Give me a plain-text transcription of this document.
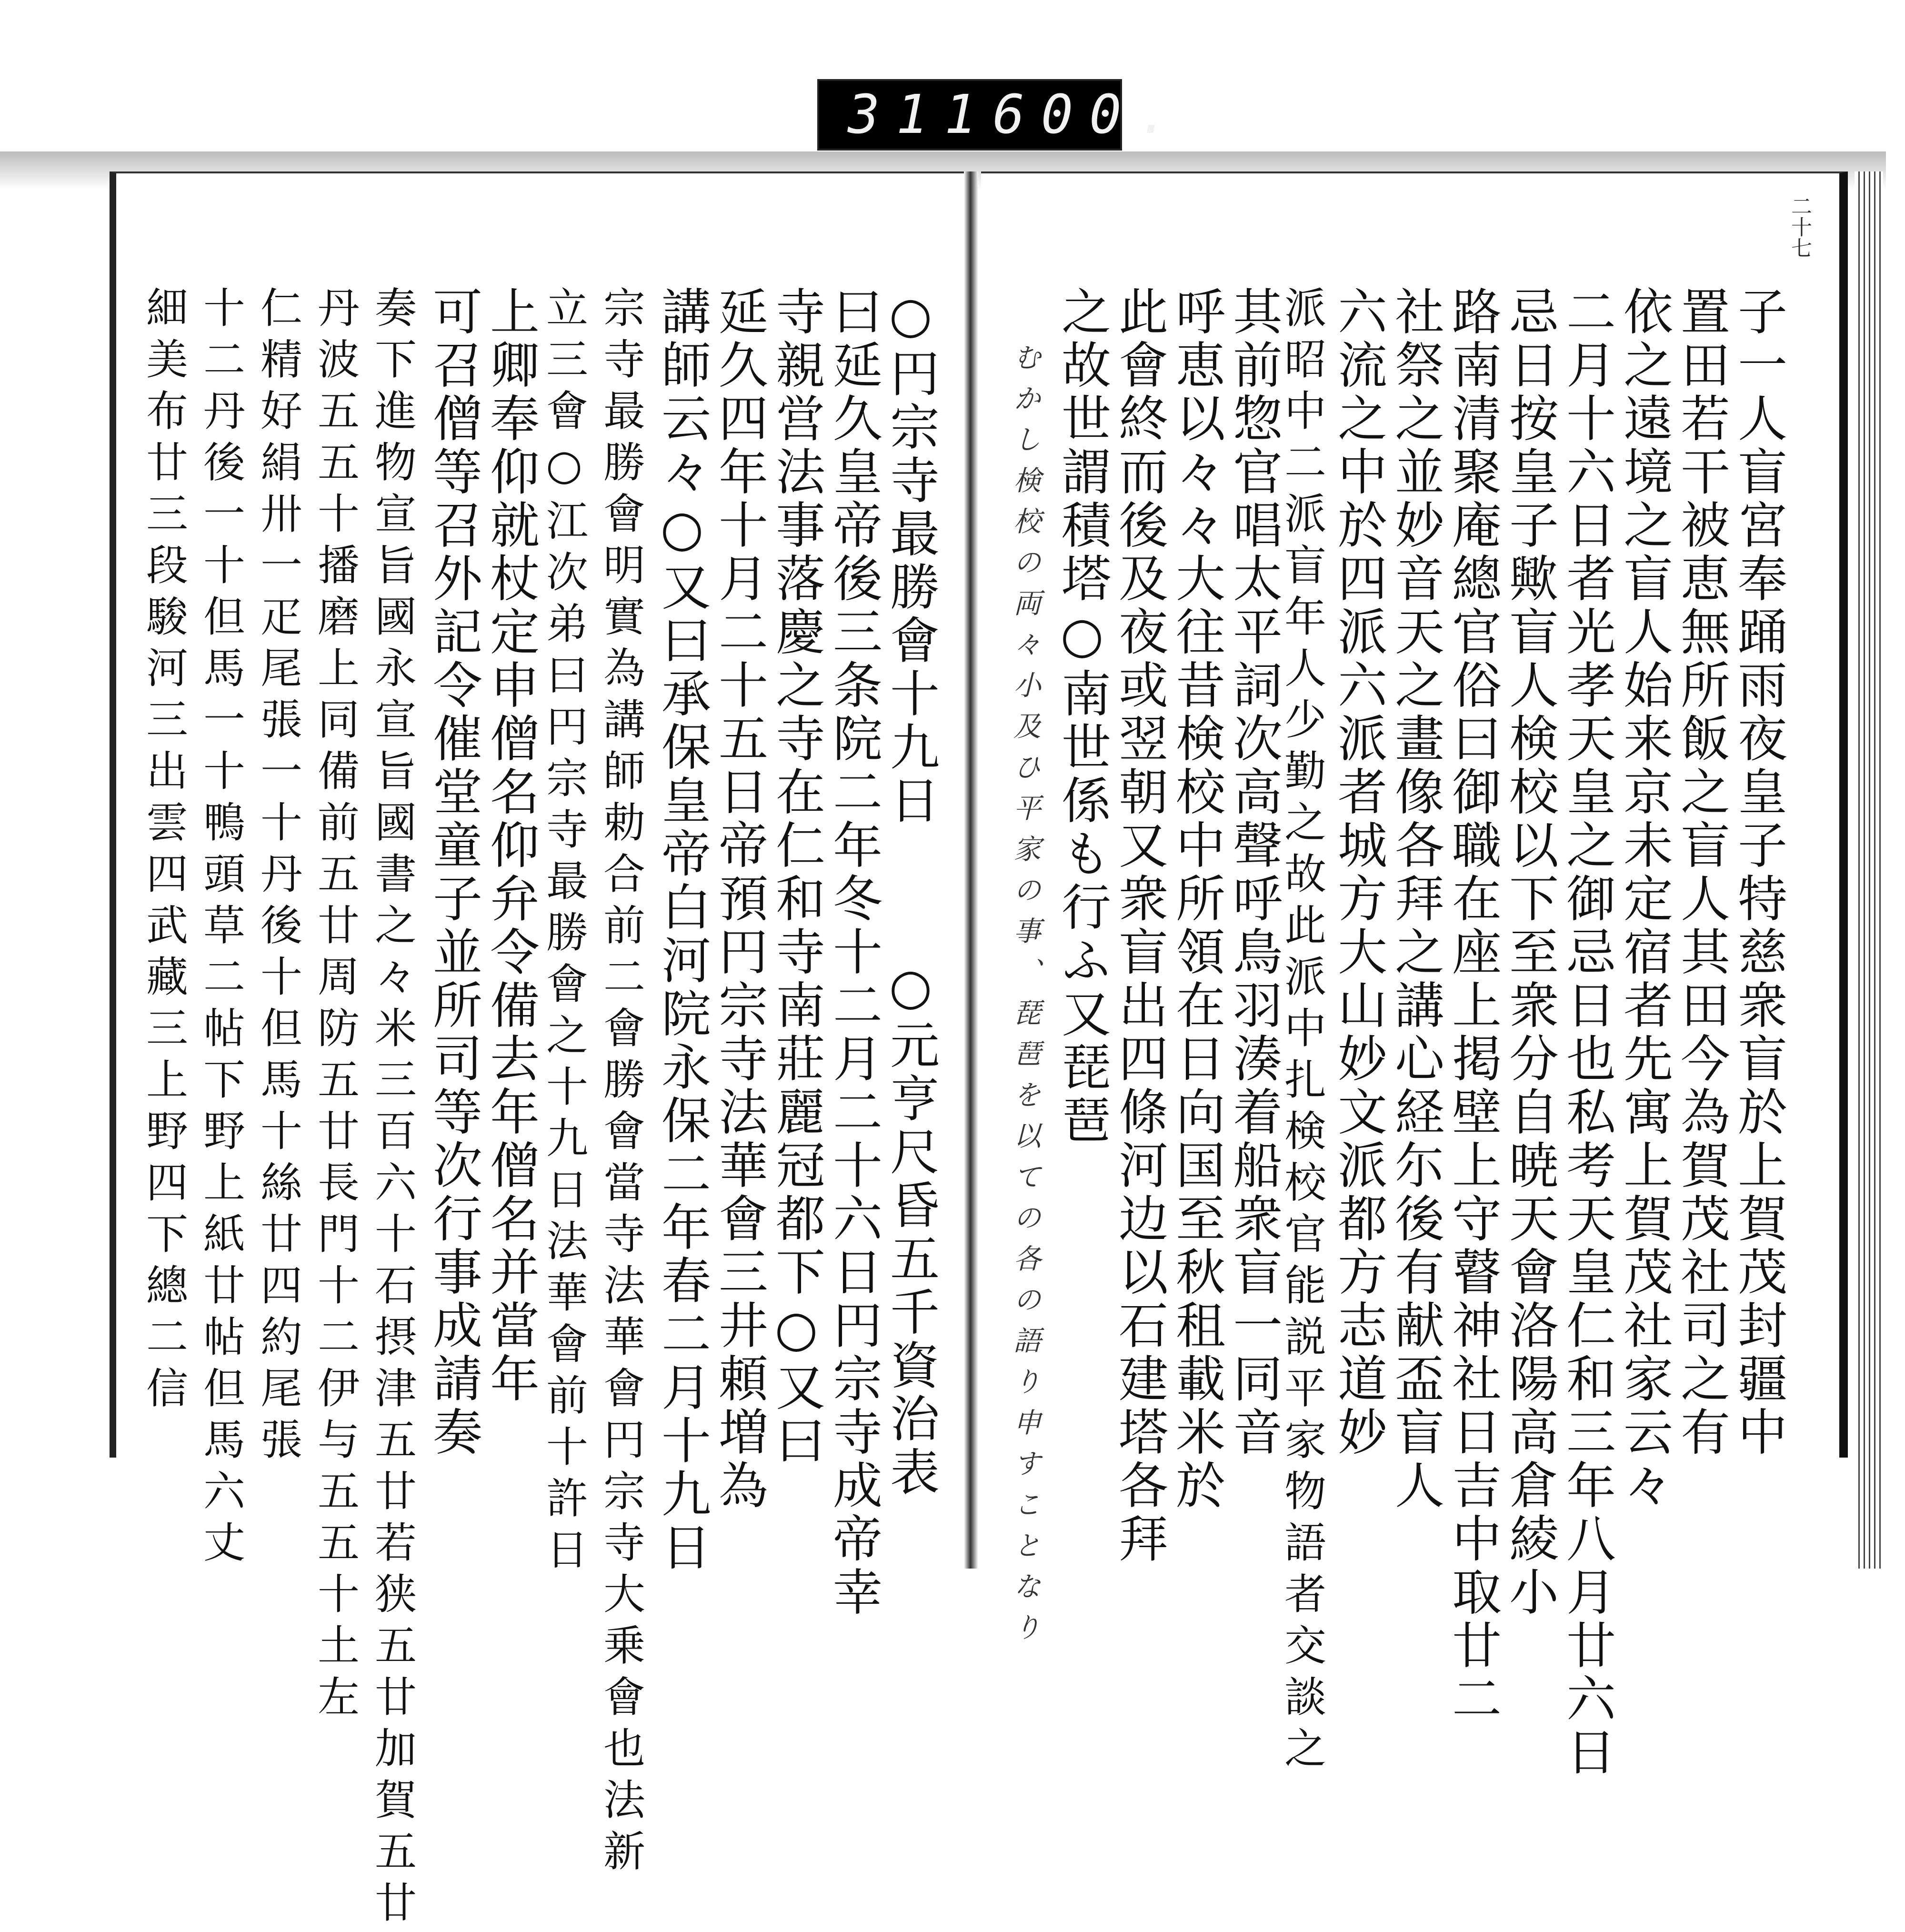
311 600.
二十七
子一人盲宮奉踊雨夜皇子特慈衆盲於上賀茂封疆中
置田若干被恵無所飯之盲人其田今為賀茂社司之有
依之遠境之盲人始来京未定宿者先寓上賀茂社家云々
二月十六日者光孝天皇之御忌日也私考天皇仁和三年八月廿六日
忌日按皇子歟盲人検校以下至衆分自暁天會洛陽高倉綾小
路南清聚庵總官俗曰御職在座上掲壁上守瞽神社日吉中取廿二
社祭之並妙音天之畫像各拜之講心経尓後有献盃盲人
六流之中於四派六派者城方大山妙文派都方志道妙
派昭中二派盲年人少勤之故此派中扎検校官能説平家物語者交談之
其前惣官唱太平詞次高聲呼鳥羽湊着船衆盲一同音
呼恵以々々大往昔検校中所領在日向国至秋租載米於
此會終而後及夜或翌朝又衆盲出四條河边以石建塔各拜
之故世謂積塔○南世係も行ふ又琵琶
むかし検校の両々小及ひ平家の事、琵琶を以ての各の語り申すことなり
○元亨尺昏五千資治表
○円宗寺最勝會十九日
曰延久皇帝後三条院二年冬十二月二十六日円宗寺成帝幸
寺親営法事落慶之寺在仁和寺南莊麗冠都下○又曰
延久四年十月二十五日帝預円宗寺法華會三井頼増為
講師云々○又曰承保皇帝白河院永保二年春二月十九日
宗寺最勝會明實為講師勅合前二會勝會當寺法華會円宗寺大乗會也法新
立三會○江次弟曰円宗寺最勝會之十九日法華會前十許日
上卿奉仰就杖定申僧名仰弁令備去年僧名并當年
可召僧等召外記令催堂童子並所司等次行事成請奏
奏下進物宣旨國永宣旨國書之々米三百六十石摂津五廿若狭五廿加賀五廿
丹波五五十播磨上同備前五廿周防五廿長門十二伊与五五十土左
仁精好絹卅一疋尾張一十丹後十但馬十絲廿四約尾張
十二丹後一十但馬一十鴨頭草二帖下野上紙廿帖但馬六丈
細美布廿三段駿河三出雲四武藏三上野四下總二信
